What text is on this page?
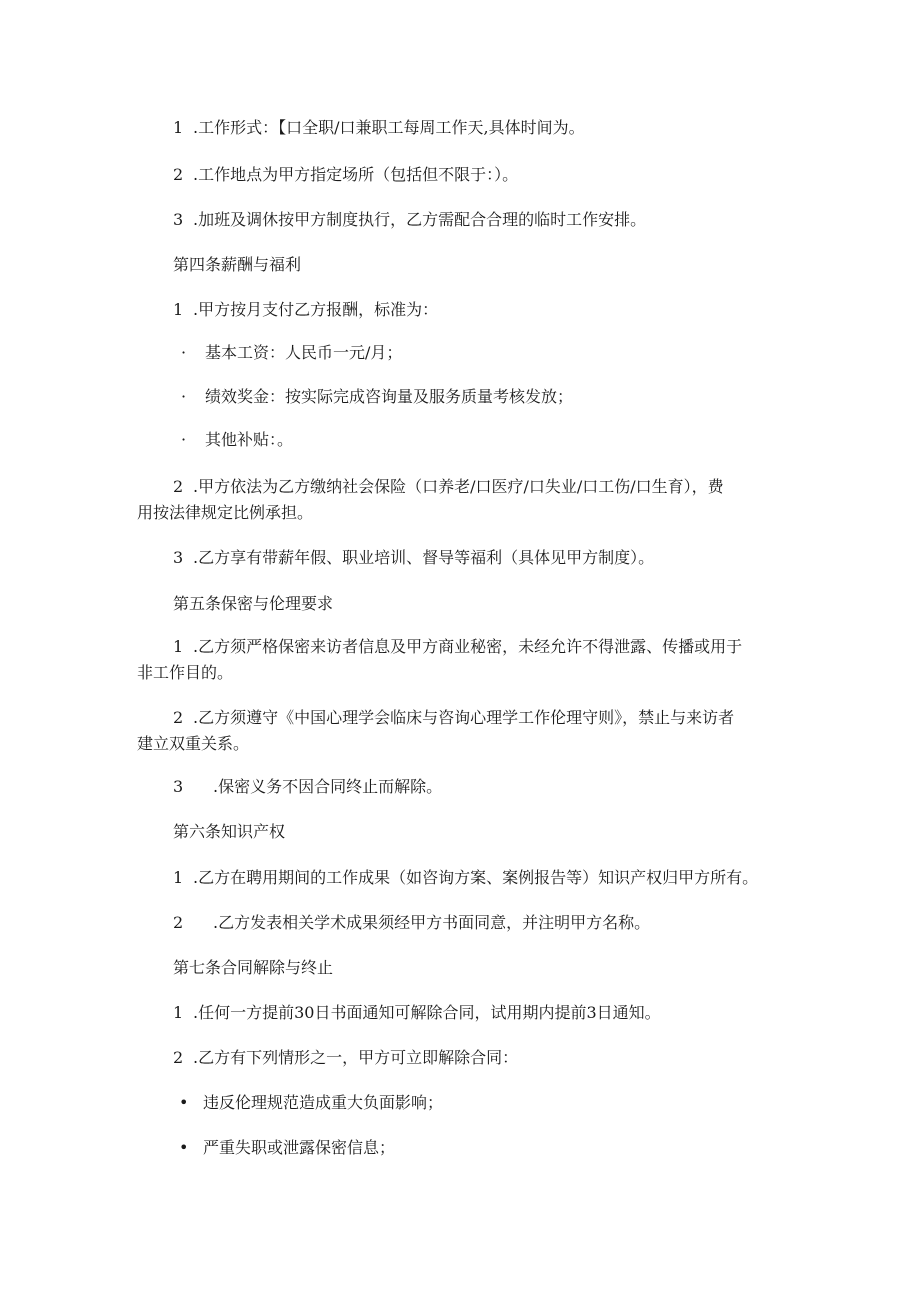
1 .工作形式：【口全职/口兼职工每周工作天,具体时间为。
2 .工作地点为甲方指定场所（包括但不限于：）。
3 .加班及调休按甲方制度执行，乙方需配合合理的临时工作安排。
第四条薪酬与福利
1 .甲方按月支付乙方报酬，标准为：
· 基本工资：人民币一元/月；
· 绩效奖金：按实际完成咨询量及服务质量考核发放；
· 其他补贴：。
2 .甲方依法为乙方缴纳社会保险（口养老/口医疗/口失业/口工伤/口生育），费
用按法律规定比例承担。
3 .乙方享有带薪年假、职业培训、督导等福利（具体见甲方制度）。
第五条保密与伦理要求
1 .乙方须严格保密来访者信息及甲方商业秘密，未经允许不得泄露、传播或用于
非工作目的。
2 .乙方须遵守《中国心理学会临床与咨询心理学工作伦理守则》，禁止与来访者
建立双重关系。
3 .保密义务不因合同终止而解除。
第六条知识产权
1 .乙方在聘用期间的工作成果（如咨询方案、案例报告等）知识产权归甲方所有。
2 .乙方发表相关学术成果须经甲方书面同意，并注明甲方名称。
第七条合同解除与终止
1 .任何一方提前30日书面通知可解除合同，试用期内提前3日通知。
2 .乙方有下列情形之一，甲方可立即解除合同：
• 违反伦理规范造成重大负面影响；
• 严重失职或泄露保密信息；
